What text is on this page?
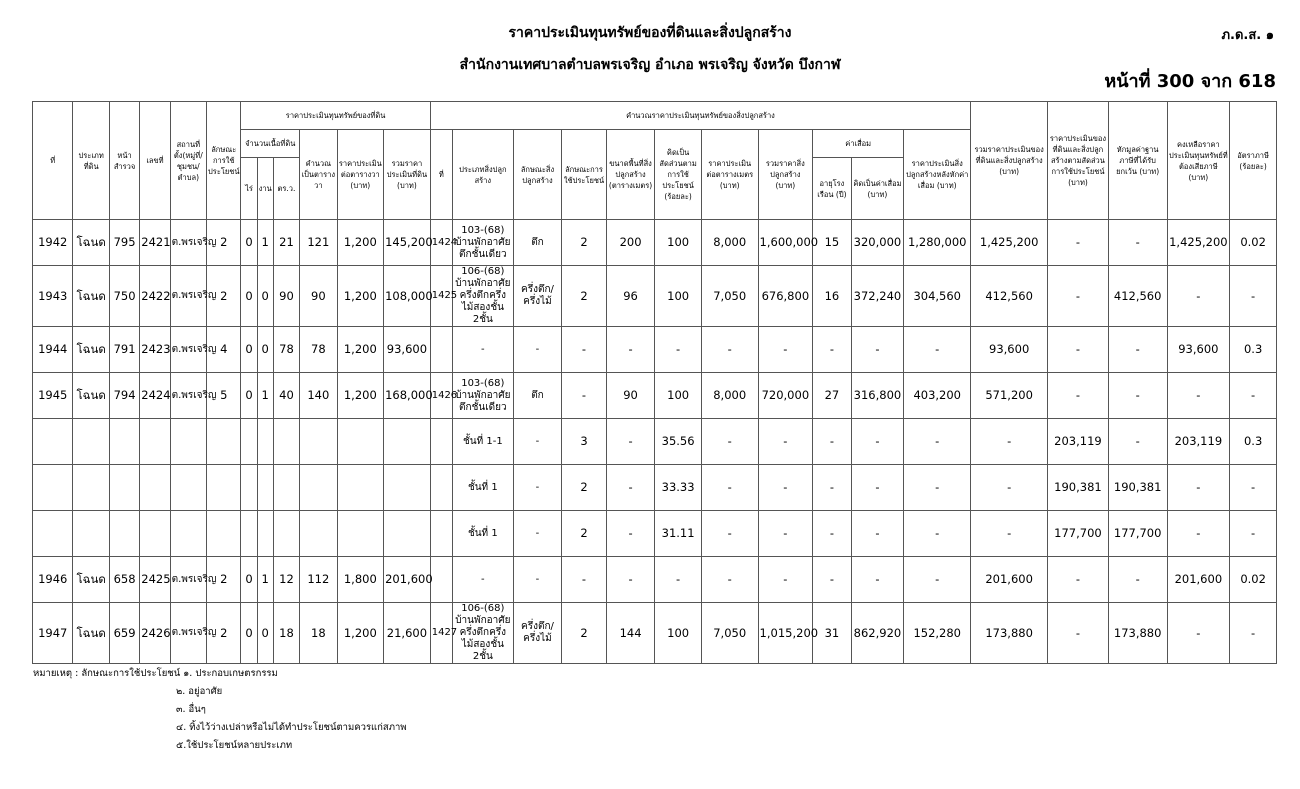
ราคาประเมินทุนทรัพย์ของที่ดินและสิ่งปลูกสร้าง
สำนักงานเทศบาลตำบลพรเจริญ อำเภอ พรเจริญ จังหวัด บึงกาฬ
ภ.ด.ส. ๑
หน้าที่ 300 จาก 618
ที่	ประเภทที่ดิน	หน้าสำรวจ	เลขที่	สถานที่ตั้ง(หมู่ที่/ชุมชน/ตำบล)	ลักษณะการใช้ประโยชน์	ราคาประเมินทุนทรัพย์ของที่ดิน						คำนวณราคาประเมินทุนทรัพย์ของสิ่งปลูกสร้าง											รวมราคาประเมินของที่ดินและสิ่งปลูกสร้าง (บาท)	ราคาประเมินของที่ดินและสิ่งปลูกสร้างตามสัดส่วนการใช้ประโยชน์ (บาท)	หักมูลค่าฐานภาษีที่ได้รับยกเว้น (บาท)	คงเหลือราคาประเมินทุนทรัพย์ที่ต้องเสียภาษี (บาท)	อัตราภาษี (ร้อยละ)
						จำนวนเนื้อที่ดิน			คำนวณเป็นตารางวา	ราคาประเมินต่อตารางวา (บาท)	รวมราคาประเมินที่ดิน (บาท)	ที่	ประเภทสิ่งปลูกสร้าง	ลักษณะสิ่งปลูกสร้าง	ลักษณะการใช้ประโยชน์	ขนาดพื้นที่สิ่งปลูกสร้าง (ตารางเมตร)	คิดเป็นสัดส่วนตามการใช้ประโยชน์ (ร้อยละ)	ราคาประเมินต่อตารางเมตร (บาท)	รวมราคาสิ่งปลูกสร้าง (บาท)	ค่าเสื่อม		ราคาประเมินสิ่งปลูกสร้างหลังหักค่าเสื่อม (บาท)					
						ไร่	งาน	ตร.ว.												อายุโรงเรือน (ปี)	คิดเป็นค่าเสื่อม (บาท)						
1942	โฉนด	795	2421	ต.พรเจริญ	2	0	1	21	121	1,200	145,200	1424	103-(68) บ้านพักอาศัยตึกชั้นเดียว	ตึก	2	200	100	8,000	1,600,000	15	320,000	1,280,000	1,425,200	-	-	1,425,200	0.02
1943	โฉนด	750	2422	ต.พรเจริญ	2	0	0	90	90	1,200	108,000	1425	106-(68) บ้านพักอาศัยครึ่งตึกครึ่งไม้สองชั้น 2ชั้น	ครึ่งตึก/ครึ่งไม้	2	96	100	7,050	676,800	16	372,240	304,560	412,560	-	412,560	-	-
1944	โฉนด	791	2423	ต.พรเจริญ	4	0	0	78	78	1,200	93,600		-	-	-	-	-	-	-	-	-	-	93,600	-	-	93,600	0.3
1945	โฉนด	794	2424	ต.พรเจริญ	5	0	1	40	140	1,200	168,000	1426	103-(68) บ้านพักอาศัยตึกชั้นเดียว	ตึก	-	90	100	8,000	720,000	27	316,800	403,200	571,200	-	-	-	-
													ชั้นที่ 1-1	-	3	-	35.56	-	-	-	-	-	-	203,119	-	203,119	0.3
													ชั้นที่ 1	-	2	-	33.33	-	-	-	-	-	-	190,381	190,381	-	-
													ชั้นที่ 1	-	2	-	31.11	-	-	-	-	-	-	177,700	177,700	-	-
1946	โฉนด	658	2425	ต.พรเจริญ	2	0	1	12	112	1,800	201,600		-	-	-	-	-	-	-	-	-	-	201,600	-	-	201,600	0.02
1947	โฉนด	659	2426	ต.พรเจริญ	2	0	0	18	18	1,200	21,600	1427	106-(68) บ้านพักอาศัยครึ่งตึกครึ่งไม้สองชั้น 2ชั้น	ครึ่งตึก/ครึ่งไม้	2	144	100	7,050	1,015,200	31	862,920	152,280	173,880	-	173,880	-	-
หมายเหตุ : ลักษณะการใช้ประโยชน์ ๑. ประกอบเกษตรกรรม
๒. อยู่อาศัย
๓. อื่นๆ
๔. ทิ้งไว้ว่างเปล่าหรือไม่ได้ทำประโยชน์ตามควรแก่สภาพ
๕.ใช้ประโยชน์หลายประเภท
